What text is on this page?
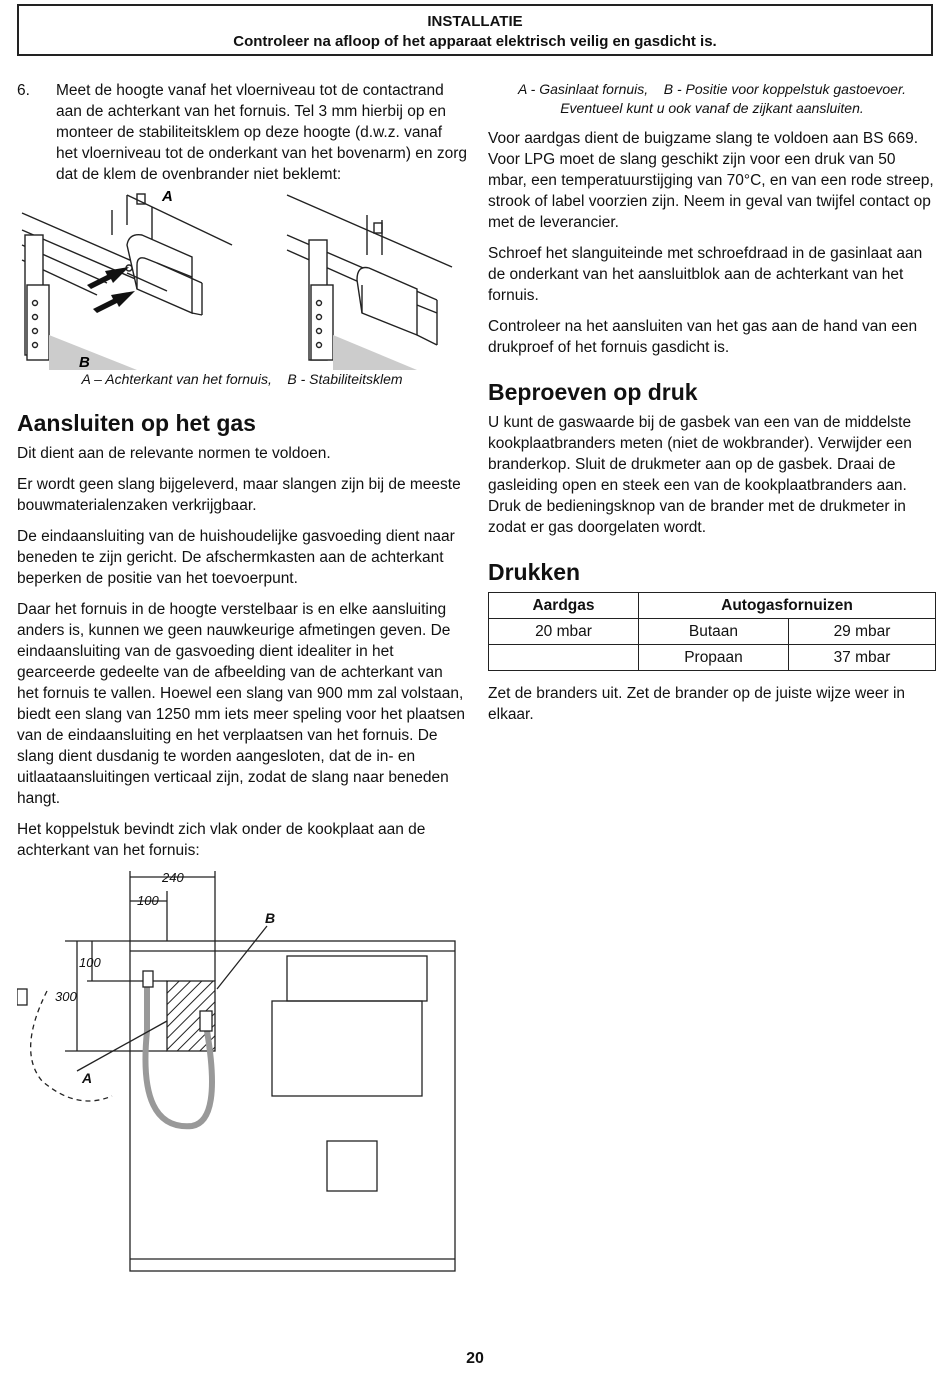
INSTALLATIE
Controleer na afloop of het apparaat elektrisch veilig en gasdicht is.
6.	Meet de hoogte vanaf het vloerniveau tot de contactrand aan de achterkant van het fornuis. Tel 3 mm hierbij op en monteer de stabiliteitsklem op deze hoogte (d.w.z. vanaf het vloerniveau tot de onderkant van het bovenarm) en zorg dat de klem de ovenbrander niet beklemt:
A
B
A – Achterkant van het fornuis,    B - Stabiliteitsklem
Aansluiten op het gas

Dit dient aan de relevante normen te voldoen.

Er wordt geen slang bijgeleverd, maar slangen zijn bij de meeste bouwmaterialenzaken verkrijgbaar.

De eindaansluiting van de huishoudelijke gasvoeding dient naar beneden te zijn gericht. De afschermkasten aan de achterkant beperken de positie van het toevoerpunt.

Daar het fornuis in de hoogte verstelbaar is en elke aansluiting anders is, kunnen we geen nauwkeurige afmetingen geven. De eindaansluiting van de gasvoeding dient idealiter in het gearceerde gedeelte van de afbeelding van de achterkant van het fornuis te vallen. Hoewel een slang van 900 mm zal volstaan, biedt een slang van 1250 mm iets meer speling voor het plaatsen van de eindaansluiting en het verplaatsen van het fornuis. De slang dient dusdanig te worden aangesloten, dat de in- en uitlaataansluitingen verticaal zijn, zodat de slang naar beneden hangt.

Het koppelstuk bevindt zich vlak onder de kookplaat aan de achterkant van het fornuis:

240
100
100
300
A
B
A - Gasinlaat fornuis,    B - Positie voor koppelstuk gastoevoer.
Eventueel kunt u ook vanaf de zijkant aansluiten.

Voor aardgas dient de buigzame slang te voldoen aan BS 669. Voor LPG moet de slang geschikt zijn voor een druk van 50 mbar, een temperatuurstijging van 70°C, en van een rode streep, strook of label voorzien zijn. Neem in geval van twijfel contact op met de leverancier.

Schroef het slanguiteinde met schroefdraad in de gasinlaat aan de onderkant van het aansluitblok aan de achterkant van het fornuis.

Controleer na het aansluiten van het gas aan de hand van een drukproef of het fornuis gasdicht is.

Beproeven op druk

U kunt de gaswaarde bij de gasbek van een van de middelste kookplaatbranders meten (niet de wokbrander). Verwijder een branderkop. Sluit de drukmeter aan op de gasbek. Draai de gasleiding open en steek een van de kookplaatbranders aan. Druk de bedieningsknop van de brander met de drukmeter in zodat er gas doorgelaten wordt.

Drukken
Aardgas	Autogasfornuizen	
20 mbar	Butaan	29 mbar
	Propaan	37 mbar

Zet de branders uit. Zet de brander op de juiste wijze weer in elkaar.

20
